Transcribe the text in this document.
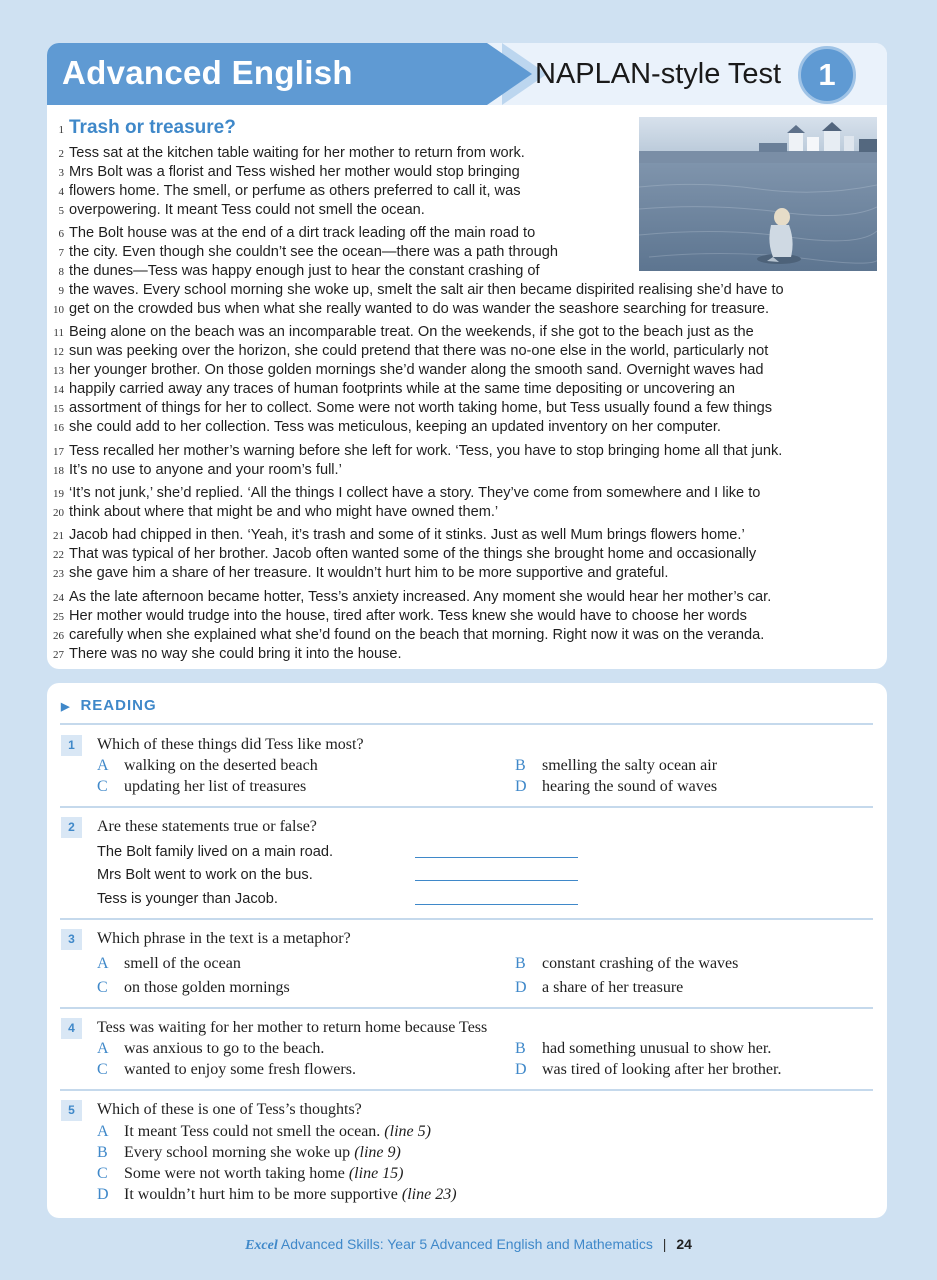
Advanced English	NAPLAN-style Test	1
1 Trash or treasure?
2 Tess sat at the kitchen table waiting for her mother to return from work.
3 Mrs Bolt was a florist and Tess wished her mother would stop bringing
4 flowers home. The smell, or perfume as others preferred to call it, was
5 overpowering. It meant Tess could not smell the ocean.
6 The Bolt house was at the end of a dirt track leading off the main road to
7 the city. Even though she couldn’t see the ocean—there was a path through
8 the dunes—Tess was happy enough just to hear the constant crashing of
9 the waves. Every school morning she woke up, smelt the salt air then became dispirited realising she’d have to
10 get on the crowded bus when what she really wanted to do was wander the seashore searching for treasure.
11 Being alone on the beach was an incomparable treat. On the weekends, if she got to the beach just as the
12 sun was peeking over the horizon, she could pretend that there was no-one else in the world, particularly not
13 her younger brother. On those golden mornings she’d wander along the smooth sand. Overnight waves had
14 happily carried away any traces of human footprints while at the same time depositing or uncovering an
15 assortment of things for her to collect. Some were not worth taking home, but Tess usually found a few things
16 she could add to her collection. Tess was meticulous, keeping an updated inventory on her computer.
17 Tess recalled her mother’s warning before she left for work. ‘Tess, you have to stop bringing home all that junk.
18 It’s no use to anyone and your room’s full.’
19 ‘It’s not junk,’ she’d replied. ‘All the things I collect have a story. They’ve come from somewhere and I like to
20 think about where that might be and who might have owned them.’
21 Jacob had chipped in then. ‘Yeah, it’s trash and some of it stinks. Just as well Mum brings flowers home.’
22 That was typical of her brother. Jacob often wanted some of the things she brought home and occasionally
23 she gave him a share of her treasure. It wouldn’t hurt him to be more supportive and grateful.
24 As the late afternoon became hotter, Tess’s anxiety increased. Any moment she would hear her mother’s car.
25 Her mother would trudge into the house, tired after work. Tess knew she would have to choose her words
26 carefully when she explained what she’d found on the beach that morning. Right now it was on the veranda.
27 There was no way she could bring it into the house.
▶ READING
1	Which of these things did Tess like most?
A walking on the deserted beach	B smelling the salty ocean air
C updating her list of treasures	D hearing the sound of waves
2	Are these statements true or false?
The Bolt family lived on a main road.
Mrs Bolt went to work on the bus.
Tess is younger than Jacob.
3	Which phrase in the text is a metaphor?
A smell of the ocean	B constant crashing of the waves
C on those golden mornings	D a share of her treasure
4	Tess was waiting for her mother to return home because Tess
A was anxious to go to the beach.	B had something unusual to show her.
C wanted to enjoy some fresh flowers.	D was tired of looking after her brother.
5	Which of these is one of Tess’s thoughts?
A It meant Tess could not smell the ocean. (line 5)
B Every school morning she woke up (line 9)
C Some were not worth taking home (line 15)
D It wouldn’t hurt him to be more supportive (line 23)
Excel Advanced Skills: Year 5 Advanced English and Mathematics | 24
